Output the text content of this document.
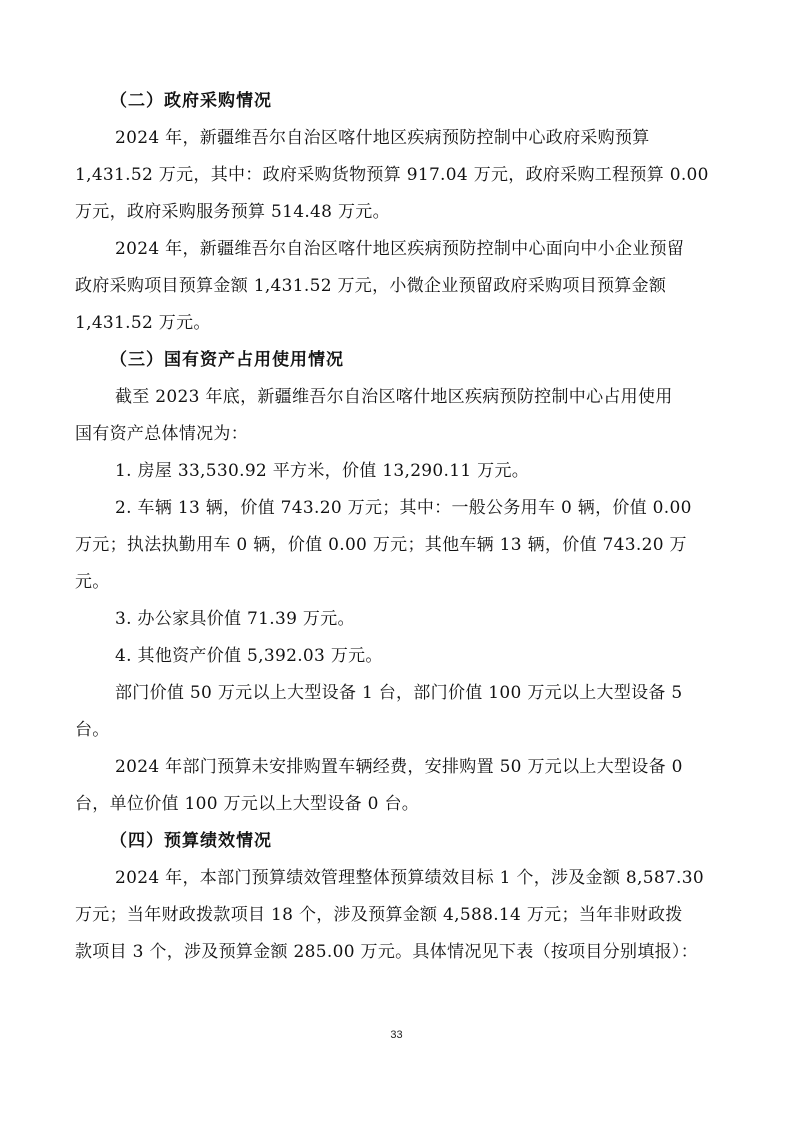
（二）政府采购情况
2024 年，新疆维吾尔自治区喀什地区疾病预防控制中心政府采购预算
1,431.52 万元，其中：政府采购货物预算 917.04 万元，政府采购工程预算 0.00
万元，政府采购服务预算 514.48 万元。
2024 年，新疆维吾尔自治区喀什地区疾病预防控制中心面向中小企业预留
政府采购项目预算金额 1,431.52 万元，小微企业预留政府采购项目预算金额
1,431.52 万元。
（三）国有资产占用使用情况
截至 2023 年底，新疆维吾尔自治区喀什地区疾病预防控制中心占用使用
国有资产总体情况为：
1. 房屋 33,530.92 平方米，价值 13,290.11 万元。
2. 车辆 13 辆，价值 743.20 万元；其中：一般公务用车 0 辆，价值 0.00
万元；执法执勤用车 0 辆，价值 0.00 万元；其他车辆 13 辆，价值 743.20 万
元。
3. 办公家具价值 71.39 万元。
4. 其他资产价值 5,392.03 万元。
部门价值 50 万元以上大型设备 1 台，部门价值 100 万元以上大型设备 5
台。
2024 年部门预算未安排购置车辆经费，安排购置 50 万元以上大型设备 0
台，单位价值 100 万元以上大型设备 0 台。
（四）预算绩效情况
2024 年，本部门预算绩效管理整体预算绩效目标 1 个，涉及金额 8,587.30
万元；当年财政拨款项目 18 个，涉及预算金额 4,588.14 万元；当年非财政拨
款项目 3 个，涉及预算金额 285.00 万元。具体情况见下表（按项目分别填报）：
33
